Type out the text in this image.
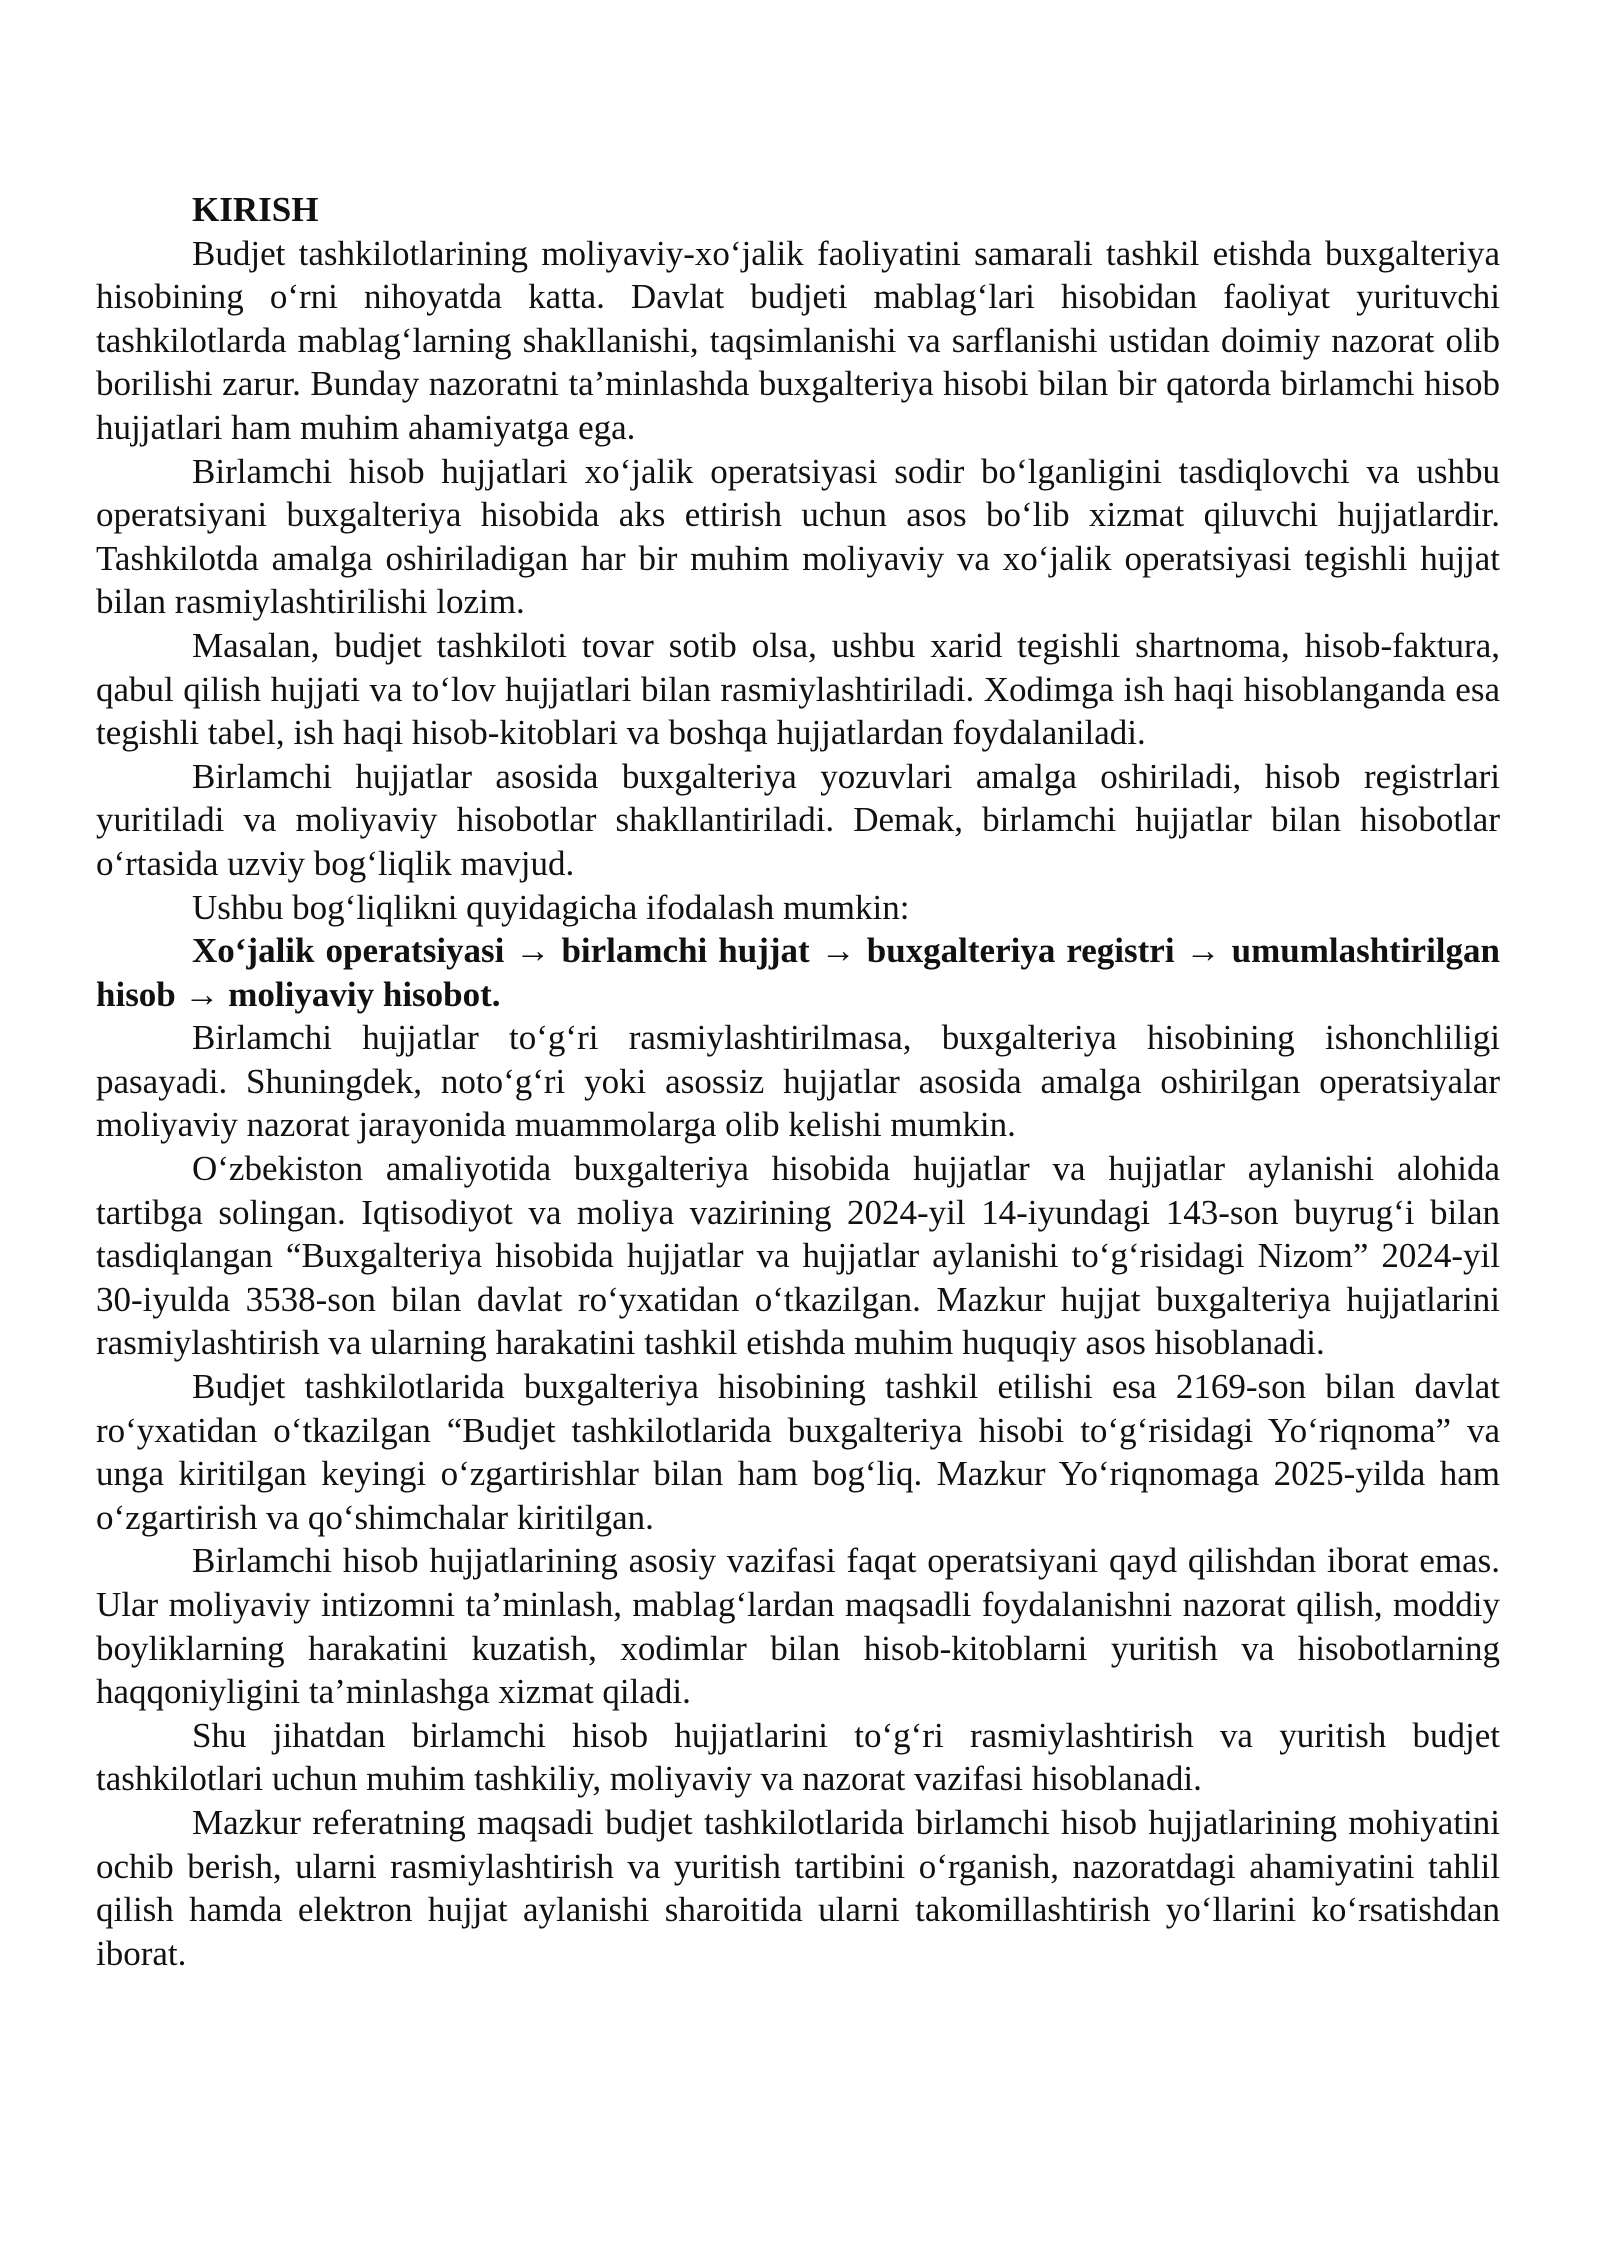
KIRISH

Budjet tashkilotlarining moliyaviy-xo‘jalik faoliyatini samarali tashkil etishda buxgalteriya hisobining o‘rni nihoyatda katta. Davlat budjeti mablag‘lari hisobidan faoliyat yurituvchi tashkilotlarda mablag‘larning shakllanishi, taqsimlanishi va sarflanishi ustidan doimiy nazorat olib borilishi zarur. Bunday nazoratni ta’minlashda buxgalteriya hisobi bilan bir qatorda birlamchi hisob hujjatlari ham muhim ahamiyatga ega.

Birlamchi hisob hujjatlari xo‘jalik operatsiyasi sodir bo‘lganligini tasdiqlovchi va ushbu operatsiyani buxgalteriya hisobida aks ettirish uchun asos bo‘lib xizmat qiluvchi hujjatlardir. Tashkilotda amalga oshiriladigan har bir muhim moliyaviy va xo‘jalik operatsiyasi tegishli hujjat bilan rasmiylashtirilishi lozim.

Masalan, budjet tashkiloti tovar sotib olsa, ushbu xarid tegishli shartnoma, hisob-faktura, qabul qilish hujjati va to‘lov hujjatlari bilan rasmiylashtiriladi. Xodimga ish haqi hisoblanganda esa tegishli tabel, ish haqi hisob-kitoblari va boshqa hujjatlardan foydalaniladi.

Birlamchi hujjatlar asosida buxgalteriya yozuvlari amalga oshiriladi, hisob registrlari yuritiladi va moliyaviy hisobotlar shakllantiriladi. Demak, birlamchi hujjatlar bilan hisobotlar o‘rtasida uzviy bog‘liqlik mavjud.

Ushbu bog‘liqlikni quyidagicha ifodalash mumkin:

Xo‘jalik operatsiyasi → birlamchi hujjat → buxgalteriya registri → umumlashtirilgan hisob → moliyaviy hisobot.

Birlamchi hujjatlar to‘g‘ri rasmiylashtirilmasa, buxgalteriya hisobining ishonchliligi pasayadi. Shuningdek, noto‘g‘ri yoki asossiz hujjatlar asosida amalga oshirilgan operatsiyalar moliyaviy nazorat jarayonida muammolarga olib kelishi mumkin.

O‘zbekiston amaliyotida buxgalteriya hisobida hujjatlar va hujjatlar aylanishi alohida tartibga solingan. Iqtisodiyot va moliya vazirining 2024-yil 14-iyundagi 143-son buyrug‘i bilan tasdiqlangan “Buxgalteriya hisobida hujjatlar va hujjatlar aylanishi to‘g‘risidagi Nizom” 2024-yil 30-iyulda 3538-son bilan davlat ro‘yxatidan o‘tkazilgan. Mazkur hujjat buxgalteriya hujjatlarini rasmiylashtirish va ularning harakatini tashkil etishda muhim huquqiy asos hisoblanadi.

Budjet tashkilotlarida buxgalteriya hisobining tashkil etilishi esa 2169-son bilan davlat ro‘yxatidan o‘tkazilgan “Budjet tashkilotlarida buxgalteriya hisobi to‘g‘risidagi Yo‘riqnoma” va unga kiritilgan keyingi o‘zgartirishlar bilan ham bog‘liq. Mazkur Yo‘riqnomaga 2025-yilda ham o‘zgartirish va qo‘shimchalar kiritilgan.

Birlamchi hisob hujjatlarining asosiy vazifasi faqat operatsiyani qayd qilishdan iborat emas. Ular moliyaviy intizomni ta’minlash, mablag‘lardan maqsadli foydalanishni nazorat qilish, moddiy boyliklarning harakatini kuzatish, xodimlar bilan hisob-kitoblarni yuritish va hisobotlarning haqqoniyligini ta’minlashga xizmat qiladi.

Shu jihatdan birlamchi hisob hujjatlarini to‘g‘ri rasmiylashtirish va yuritish budjet tashkilotlari uchun muhim tashkiliy, moliyaviy va nazorat vazifasi hisoblanadi.

Mazkur referatning maqsadi budjet tashkilotlarida birlamchi hisob hujjatlarining mohiyatini ochib berish, ularni rasmiylashtirish va yuritish tartibini o‘rganish, nazoratdagi ahamiyatini tahlil qilish hamda elektron hujjat aylanishi sharoitida ularni takomillashtirish yo‘llarini ko‘rsatishdan iborat.
